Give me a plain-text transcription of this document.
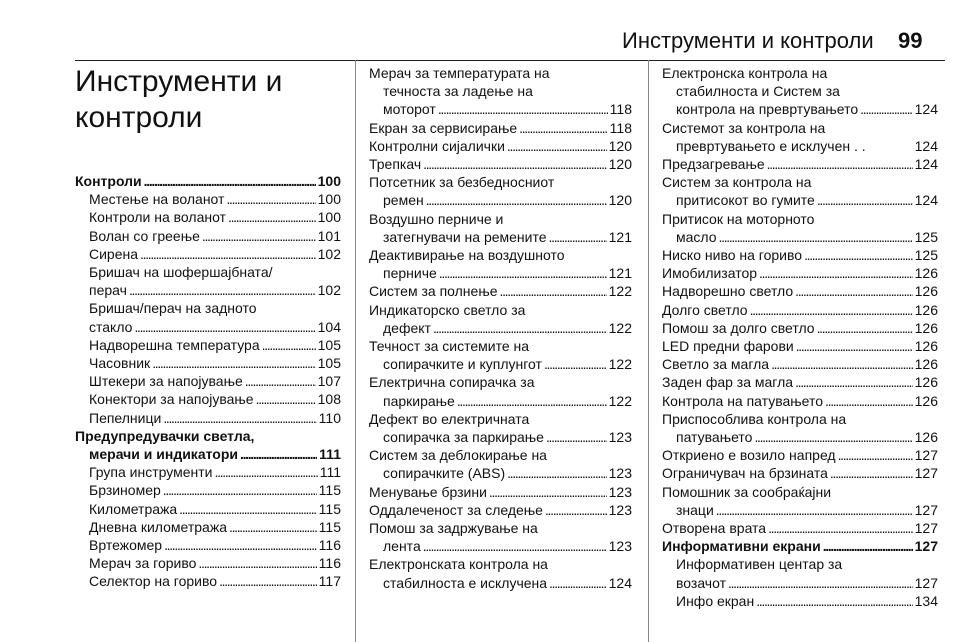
Инструменти и контроли 99
Инструменти и
контроли
Контроли . . .	100
Местење на воланот . . .	100
Контроли на воланот . . .	100
Волан со греење . . .	101
Сирена . . .	102
Бришач на шофершајбната/
перач . . .	102
Бришач/перач на задното
стакло . . .	104
Надворешна температура . . .	105
Часовник . . .	105
Штекери за напојување . . .	107
Конектори за напојување . . .	108
Пепелници . . .	110
Предупредувачки светла,
мерачи и индикатори . . .	111
Група инструменти . . .	111
Брзиномер . . .	115
Километража . . .	115
Дневна километража . . .	115
Вртежомер . . .	116
Мерач за гориво . . .	116
Селектор на гориво . . .	117
Мерач за температурата на
течноста за ладење на
моторот . . .	118
Екран за сервисирање . . .	118
Контролни сијалички . . .	120
Трепкач . . .	120
Потсетник за безбедносниот
ремен . . .	120
Воздушно перниче и
затегнувачи на ремените . . .	121
Деактивирање на воздушното
перниче . . .	121
Систем за полнење . . .	122
Индикаторско светло за
дефект . . .	122
Течност за системите на
сопирачките и куплунгот . . .	122
Електрична сопирачка за
паркирање . . .	122
Дефект во електричната
сопирачка за паркирање . . .	123
Систем за деблокирање на
сопирачките (ABS) . . .	123
Менување брзини . . .	123
Оддалеченост за следење . . .	123
Помош за задржување на
лента . . .	123
Електронската контрола на
стабилноста е исклучена . . .	124
Електронска контрола на
стабилноста и Систем за
контрола на превртувањето . . .	124
Системот за контрола на
превртувањето е исклучен . .	124
Предзагревање . . .	124
Систем за контрола на
притисокот во гумите . . .	124
Притисок на моторното
масло . . .	125
Ниско ниво на гориво . . .	125
Имобилизатор . . .	126
Надворешно светло . . .	126
Долго светло . . .	126
Помош за долго светло . . .	126
LED предни фарови . . .	126
Светло за магла . . .	126
Заден фар за магла . . .	126
Контрола на патувањето . . .	126
Приспособлива контрола на
патувањето . . .	126
Откриено е возило напред . . .	127
Ограничувач на брзината . . .	127
Помошник за сообраќајни
знаци . . .	127
Отворена врата . . .	127
Информативни екрани . . .	127
Информативен центар за
возачот . . .	127
Инфо екран . . .	134
